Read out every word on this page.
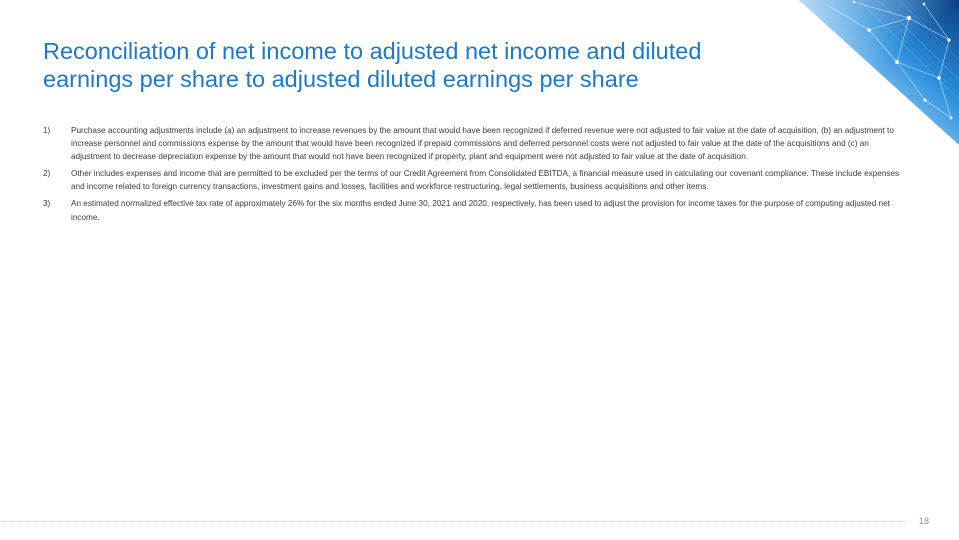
Reconciliation of net income to adjusted net income and diluted
earnings per share to adjusted diluted earnings per share
1)	Purchase accounting adjustments include (a) an adjustment to increase revenues by the amount that would have been recognized if deferred revenue were not adjusted to fair value at the date of acquisition, (b) an adjustment to increase personnel and commissions expense by the amount that would have been recognized if prepaid commissions and deferred personnel costs were not adjusted to fair value at the date of the acquisitions and (c) an adjustment to decrease depreciation expense by the amount that would not have been recognized if property, plant and equipment were not adjusted to fair value at the date of acquisition.
2)	Other includes expenses and income that are permitted to be excluded per the terms of our Credit Agreement from Consolidated EBITDA, a financial measure used in calculating our covenant compliance. These include expenses and income related to foreign currency transactions, investment gains and losses, facilities and workforce restructuring, legal settlements, business acquisitions and other items.
3)	An estimated normalized effective tax rate of approximately 26% for the six months ended June 30, 2021 and 2020, respectively, has been used to adjust the provision for income taxes for the purpose of computing adjusted net income.
18
